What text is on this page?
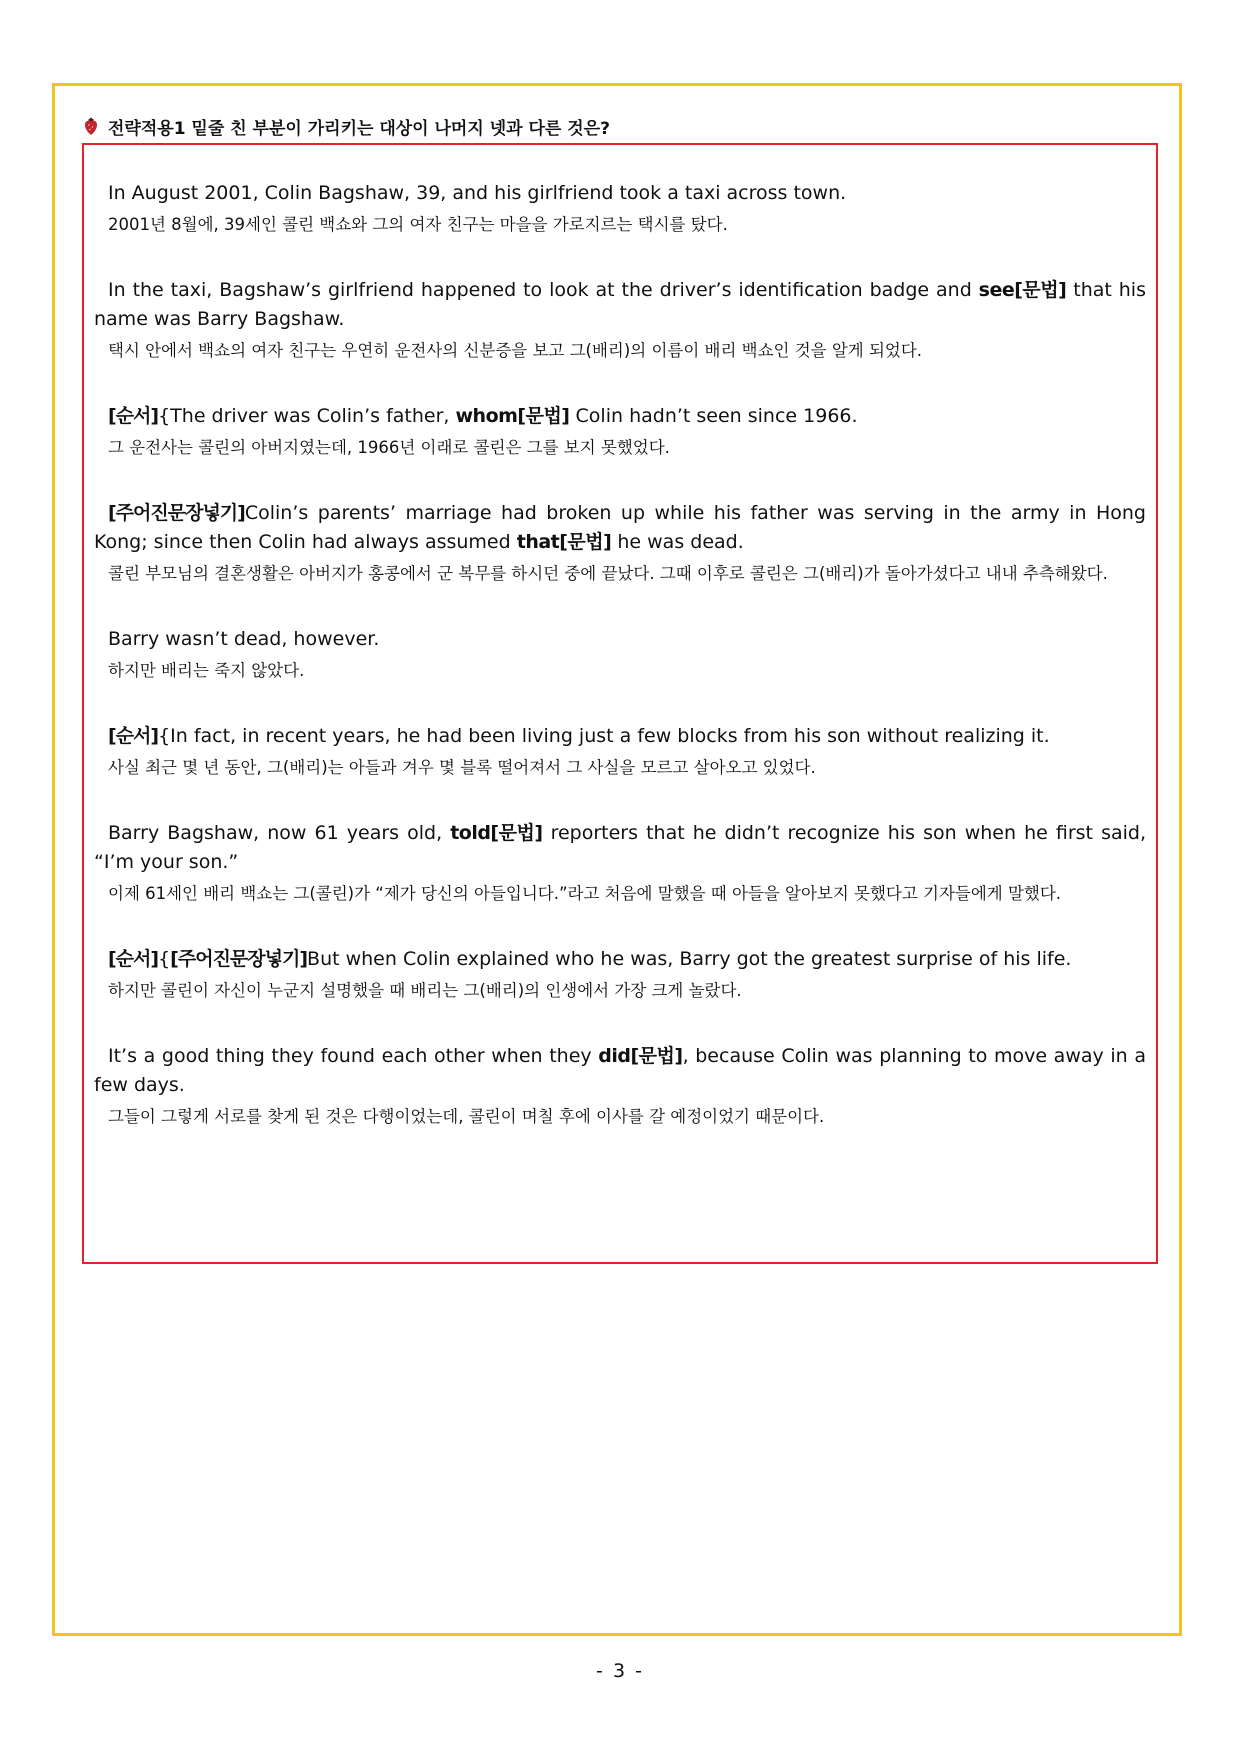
전략적용1 밑줄 친 부분이 가리키는 대상이 나머지 넷과 다른 것은?

In August 2001, Colin Bagshaw, 39, and his girlfriend took a taxi across town.

2001년 8월에, 39세인 콜린 백쇼와 그의 여자 친구는 마을을 가로지르는 택시를 탔다.

In the taxi, Bagshaw’s girlfriend happened to look at the driver’s identification badge and see[문법] that his name was Barry Bagshaw.

택시 안에서 백쇼의 여자 친구는 우연히 운전사의 신분증을 보고 그(배리)의 이름이 배리 백쇼인 것을 알게 되었다.

[순서]{The driver was Colin’s father, whom[문법] Colin hadn’t seen since 1966.

그 운전사는 콜린의 아버지였는데, 1966년 이래로 콜린은 그를 보지 못했었다.

[주어진문장넣기]Colin’s parents’ marriage had broken up while his father was serving in the army in Hong Kong; since then Colin had always assumed that[문법] he was dead.

콜린 부모님의 결혼생활은 아버지가 홍콩에서 군 복무를 하시던 중에 끝났다. 그때 이후로 콜린은 그(배리)가 돌아가셨다고 내내 추측해왔다.

Barry wasn’t dead, however.

하지만 배리는 죽지 않았다.

[순서]{In fact, in recent years, he had been living just a few blocks from his son without realizing it.

사실 최근 몇 년 동안, 그(배리)는 아들과 겨우 몇 블록 떨어져서 그 사실을 모르고 살아오고 있었다.

Barry Bagshaw, now 61 years old, told[문법] reporters that he didn’t recognize his son when he first said, “I’m your son.”

이제 61세인 배리 백쇼는 그(콜린)가 “제가 당신의 아들입니다.”라고 처음에 말했을 때 아들을 알아보지 못했다고 기자들에게 말했다.

[순서]{[주어진문장넣기]But when Colin explained who he was, Barry got the greatest surprise of his life.

하지만 콜린이 자신이 누군지 설명했을 때 배리는 그(배리)의 인생에서 가장 크게 놀랐다.

It’s a good thing they found each other when they did[문법], because Colin was planning to move away in a few days.

그들이 그렇게 서로를 찾게 된 것은 다행이었는데, 콜린이 며칠 후에 이사를 갈 예정이었기 때문이다.

- 3 -
